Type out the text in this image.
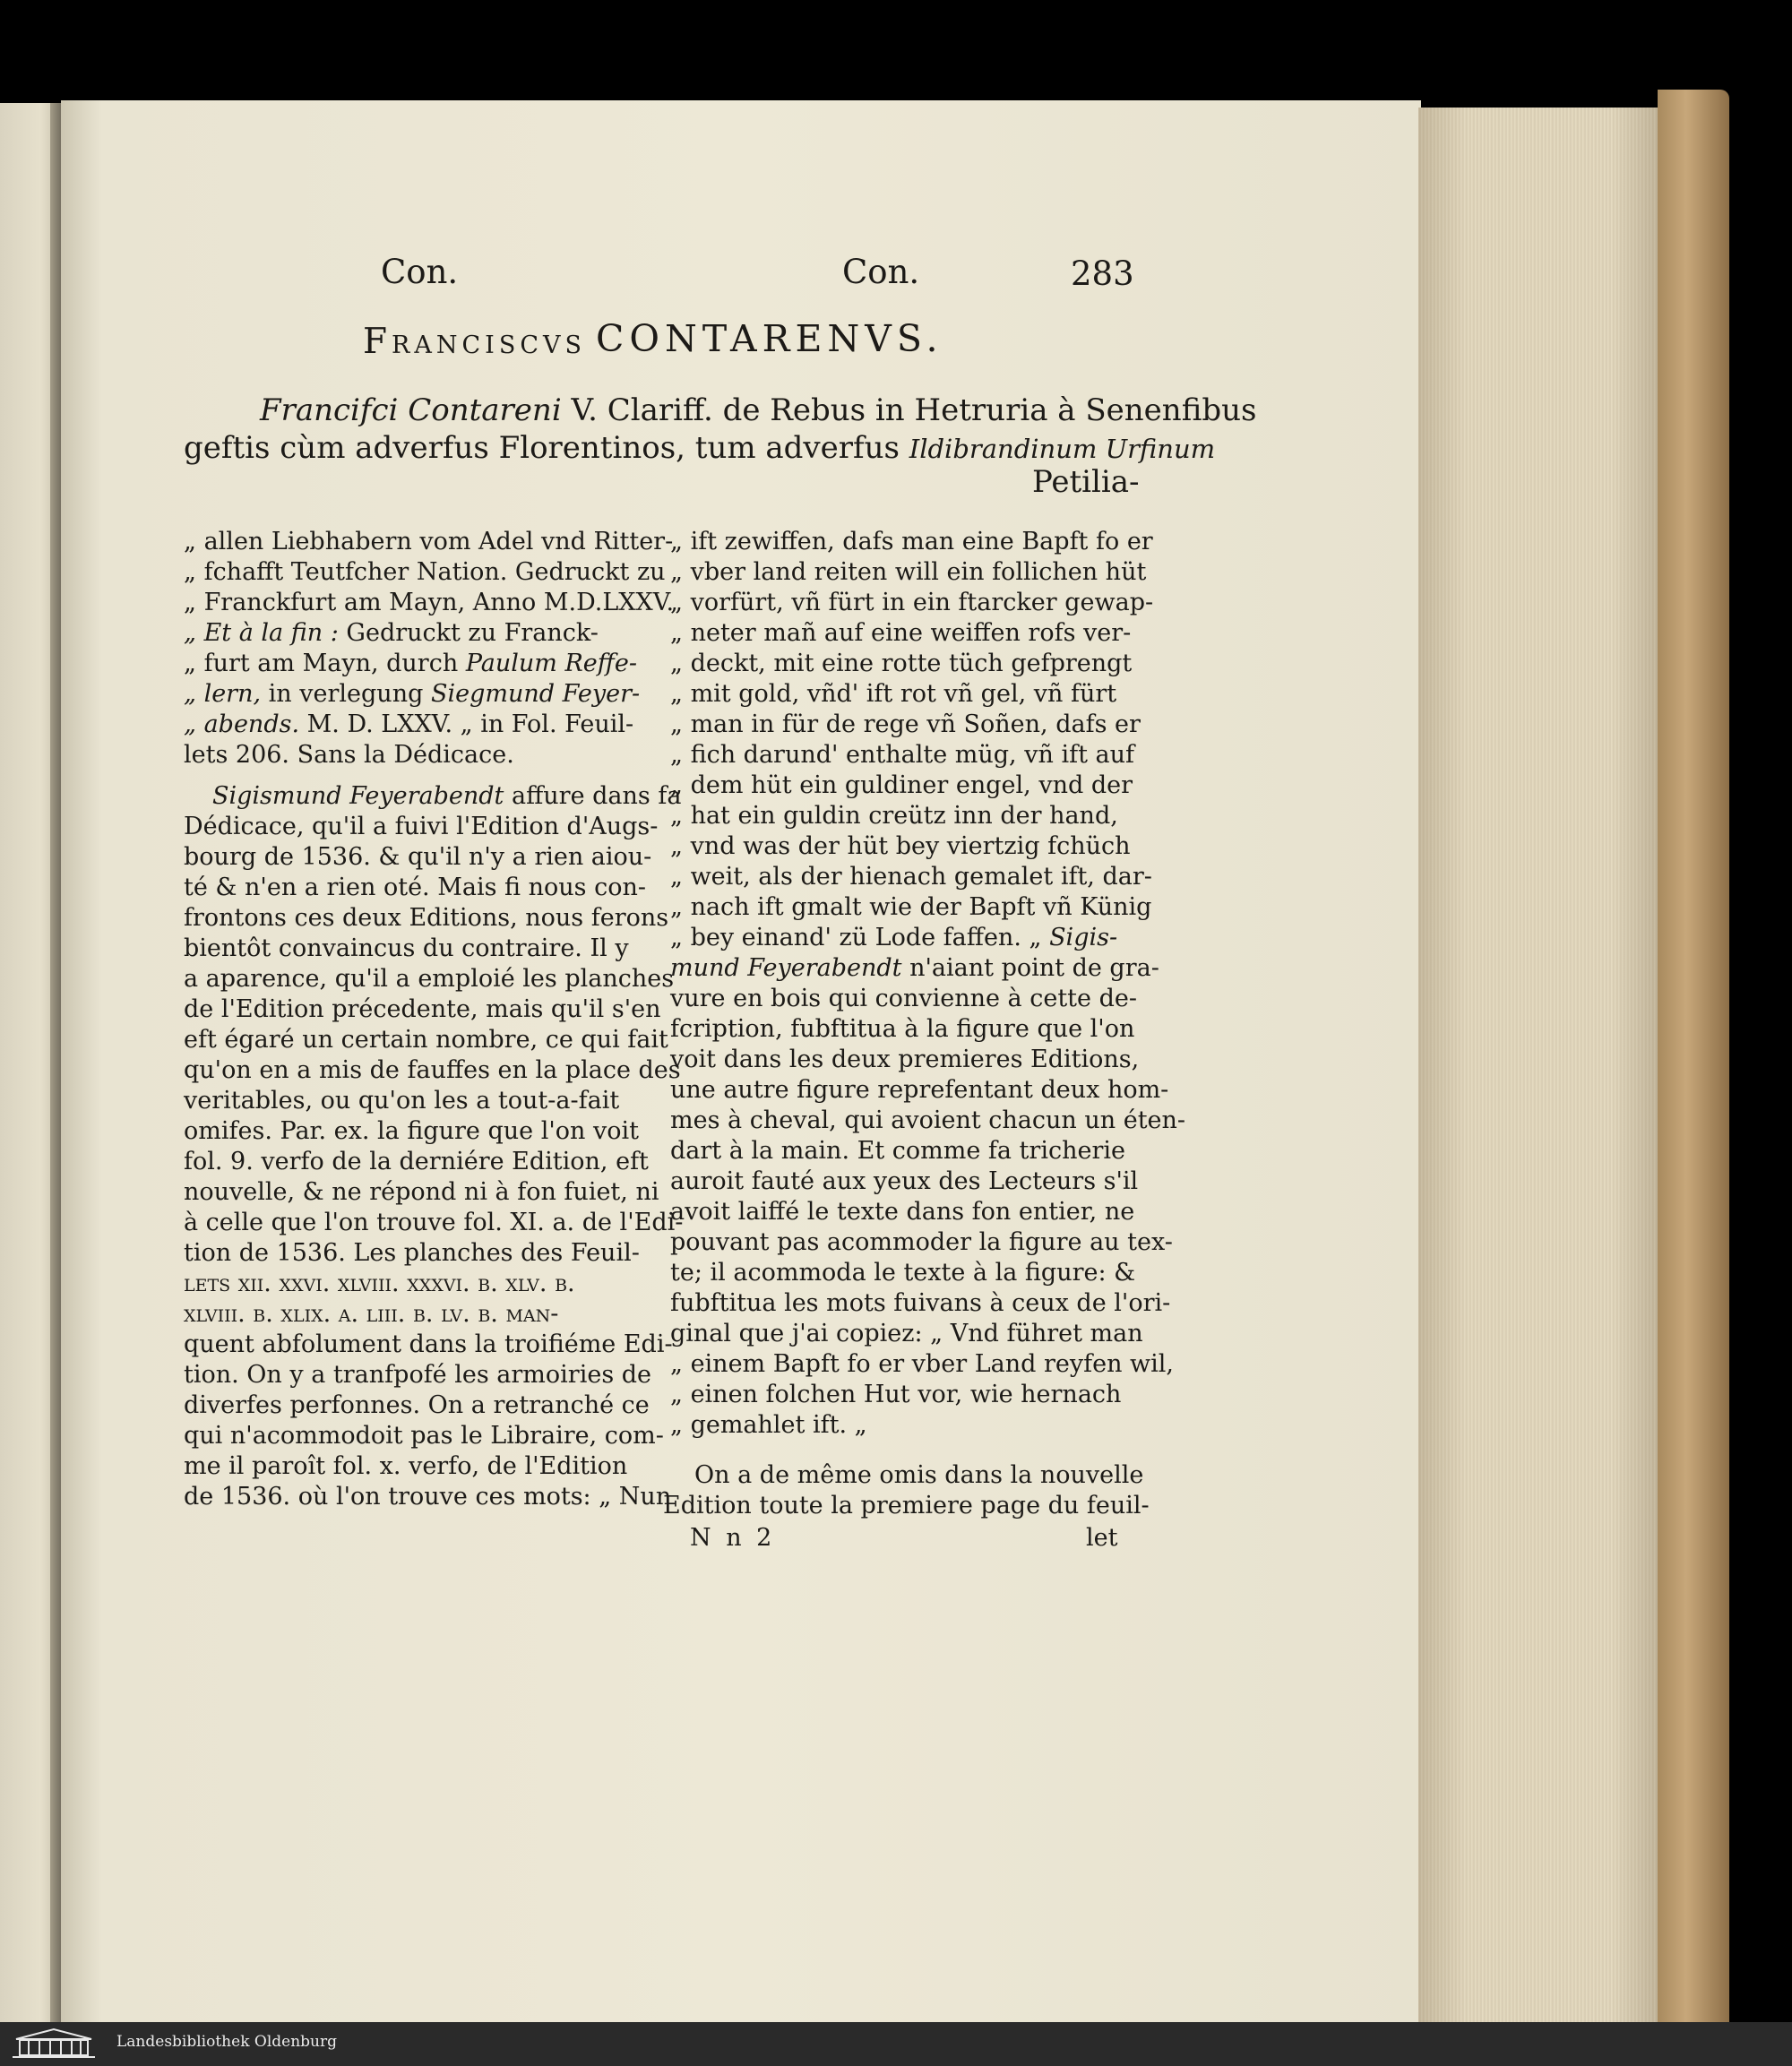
Con.	Con.	283
Franciscvs CONTARENVS.
Francifci Contareni V. Clariff. de Rebus in Hetruria à Senenfibus
geftis cùm adverfus Florentinos, tum adverfus Ildibrandinum Urfinum
Petilia-
„ allen Liebhabern vom Adel vnd Ritter-
„ fchafft Teutfcher Nation. Gedruckt zu
„ Franckfurt am Mayn, Anno M.D.LXXV.
„ Et à la fin : Gedruckt zu Franck-
„ furt am Mayn, durch Paulum Reffe-
„ lern, in verlegung Siegmund Feyer-
„ abends. M. D. LXXV. „ in Fol. Feuil-
lets 206. Sans la Dédicace.
Sigismund Feyerabendt affure dans fa
Dédicace, qu'il a fuivi l'Edition d'Augs-
bourg de 1536. & qu'il n'y a rien aiou-
té & n'en a rien oté. Mais fi nous con-
frontons ces deux Editions, nous ferons
bientôt convaincus du contraire. Il y
a aparence, qu'il a emploié les planches
de l'Edition précedente, mais qu'il s'en
eft égaré un certain nombre, ce qui fait
qu'on en a mis de fauffes en la place des
veritables, ou qu'on les a tout-a-fait
omifes. Par. ex. la figure que l'on voit
fol. 9. verfo de la derniére Edition, eft
nouvelle, & ne répond ni à fon fuiet, ni
à celle que l'on trouve fol. XI. a. de l'Edi-
tion de 1536. Les planches des Feuil-
lets xii. xxvi. xlviii. xxxvi. b. xlv. b.
xlviii. b. xlix. a. liii. b. lv. b. man-
quent abfolument dans la troifiéme Edi-
tion. On y a tranfpofé les armoiries de
diverfes perfonnes. On a retranché ce
qui n'acommodoit pas le Libraire, com-
me il paroît fol. x. verfo, de l'Edition
de 1536. où l'on trouve ces mots: „ Nun
„ ift zewiffen, dafs man eine Bapft fo er
„ vber land reiten will ein follichen hüt
„ vorfürt, vñ fürt in ein ftarcker gewap-
„ neter mañ auf eine weiffen rofs ver-
„ deckt, mit eine rotte tüch gefprengt
„ mit gold, vñd' ift rot vñ gel, vñ fürt
„ man in für de rege vñ Soñen, dafs er
„ fich darund' enthalte müg, vñ ift auf
„ dem hüt ein guldiner engel, vnd der
„ hat ein guldin creütz inn der hand,
„ vnd was der hüt bey viertzig fchüch
„ weit, als der hienach gemalet ift, dar-
„ nach ift gmalt wie der Bapft vñ Künig
„ bey einand' zü Lode faffen. „ Sigis-
mund Feyerabendt n'aiant point de gra-
vure en bois qui convienne à cette de-
fcription, fubftitua à la figure que l'on
voit dans les deux premieres Editions,
une autre figure reprefentant deux hom-
mes à cheval, qui avoient chacun un éten-
dart à la main. Et comme fa tricherie
auroit fauté aux yeux des Lecteurs s'il
avoit laiffé le texte dans fon entier, ne
pouvant pas acommoder la figure au tex-
te; il acommoda le texte à la figure: &
fubftitua les mots fuivans à ceux de l'ori-
ginal que j'ai copiez: „ Vnd führet man
„ einem Bapft fo er vber Land reyfen wil,
„ einen folchen Hut vor, wie hernach
„ gemahlet ift. „
On a de même omis dans la nouvelle
Edition toute la premiere page du feuil-
N n 2	let
Landesbibliothek Oldenburg
